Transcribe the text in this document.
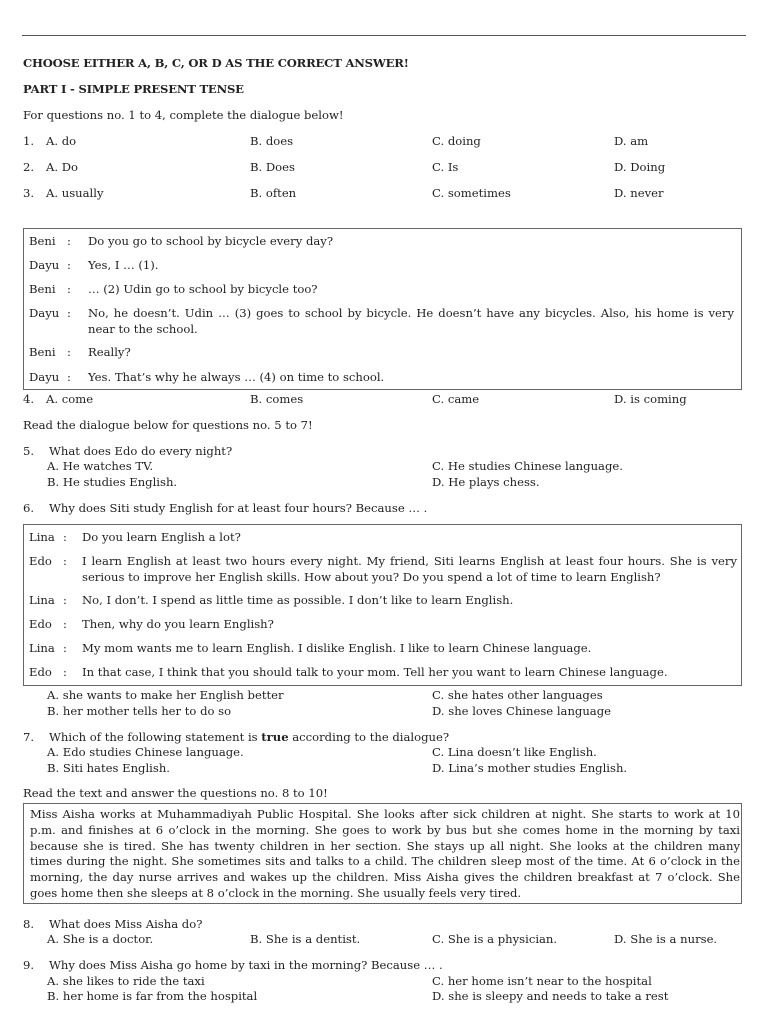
CHOOSE EITHER A, B, C, OR D AS THE CORRECT ANSWER!
PART I - SIMPLE PRESENT TENSE
For questions no. 1 to 4, complete the dialogue below!
1. A. do	B. does	C. doing	D. am
2. A. Do	B. Does	C. Is	D. Doing
3. A. usually	B. often	C. sometimes	D. never
Beni : Do you go to school by bicycle every day?
Dayu : Yes, I … (1).
Beni : … (2) Udin go to school by bicycle too?
Dayu : No, he doesn’t. Udin … (3) goes to school by bicycle. He doesn’t have any bicycles. Also, his home is very near to the school.
Beni : Really?
Dayu : Yes. That’s why he always … (4) on time to school.
4. A. come	B. comes	C. came	D. is coming
Read the dialogue below for questions no. 5 to 7!
5. What does Edo do every night?
A. He watches TV.	C. He studies Chinese language.
B. He studies English.	D. He plays chess.
6. Why does Siti study English for at least four hours? Because … .
Lina : Do you learn English a lot?
Edo : I learn English at least two hours every night. My friend, Siti learns English at least four hours. She is very serious to improve her English skills. How about you? Do you spend a lot of time to learn English?
Lina : No, I don’t. I spend as little time as possible. I don’t like to learn English.
Edo : Then, why do you learn English?
Lina : My mom wants me to learn English. I dislike English. I like to learn Chinese language.
Edo : In that case, I think that you should talk to your mom. Tell her you want to learn Chinese language.
A. she wants to make her English better	C. she hates other languages
B. her mother tells her to do so	D. she loves Chinese language
7. Which of the following statement is true according to the dialogue?
A. Edo studies Chinese language.	C. Lina doesn’t like English.
B. Siti hates English.	D. Lina’s mother studies English.
Read the text and answer the questions no. 8 to 10!
Miss Aisha works at Muhammadiyah Public Hospital. She looks after sick children at night. She starts to work at 10 p.m. and finishes at 6 o’clock in the morning. She goes to work by bus but she comes home in the morning by taxi because she is tired. She has twenty children in her section. She stays up all night. She looks at the children many times during the night. She sometimes sits and talks to a child. The children sleep most of the time. At 6 o’clock in the morning, the day nurse arrives and wakes up the children. Miss Aisha gives the children breakfast at 7 o’clock. She goes home then she sleeps at 8 o’clock in the morning. She usually feels very tired.
8. What does Miss Aisha do?
A. She is a doctor.	B. She is a dentist.	C. She is a physician.	D. She is a nurse.
9. Why does Miss Aisha go home by taxi in the morning? Because … .
A. she likes to ride the taxi	C. her home isn’t near to the hospital
B. her home is far from the hospital	D. she is sleepy and needs to take a rest
